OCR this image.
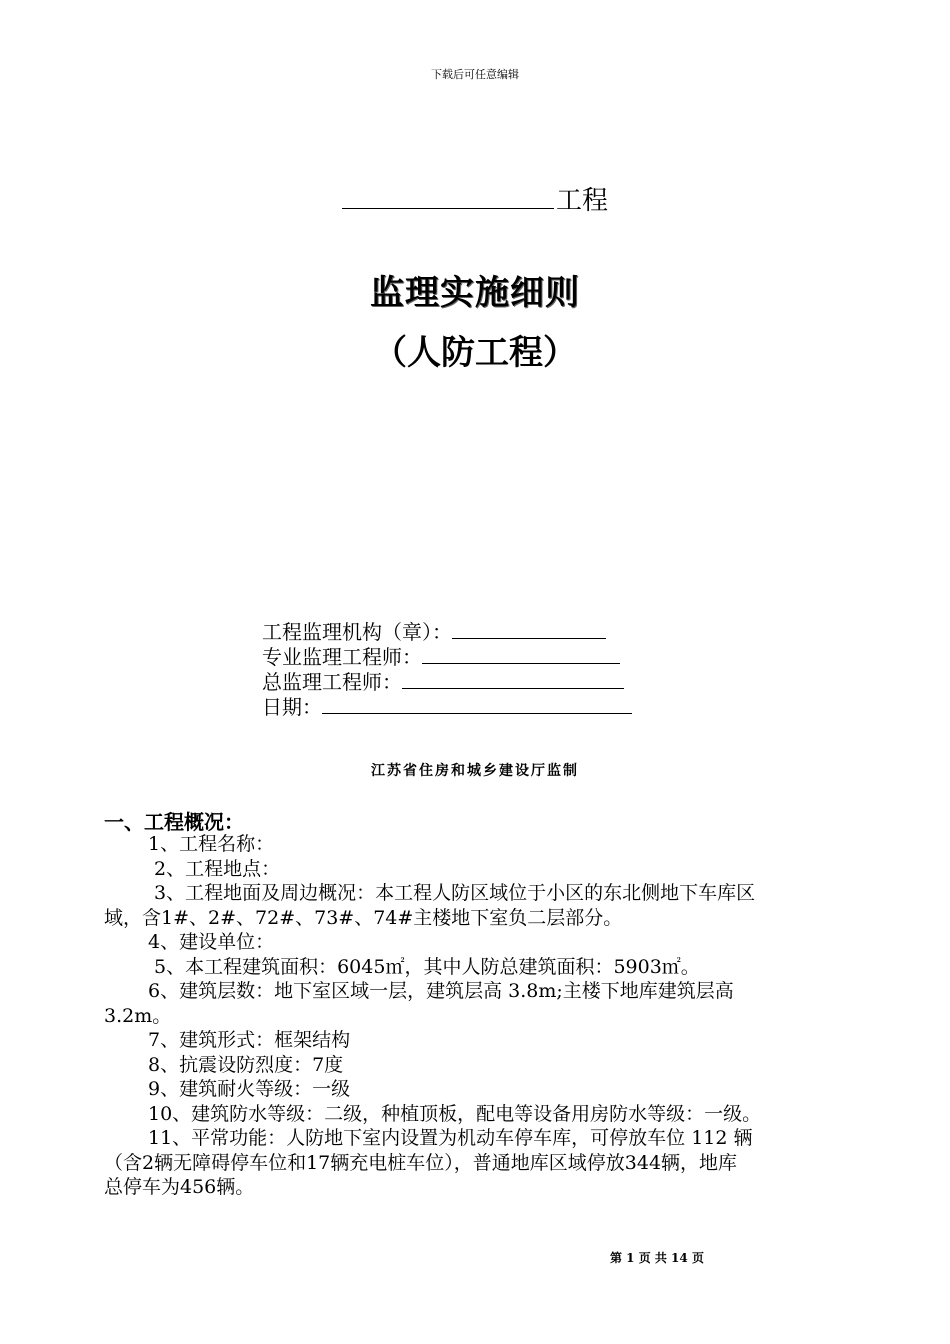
下载后可任意编辑
工程
监理实施细则
（人防工程）
工程监理机构（章）：
专业监理工程师：
总监理工程师：
日期：
江苏省住房和城乡建设厅监制
一、工程概况：

1、工程名称：

2、工程地点：

3、工程地面及周边概况：本工程人防区域位于小区的东北侧地下车库区

域，含1#、2#、72#、73#、74#主楼地下室负二层部分。

4、建设单位：

5、本工程建筑面积：6045㎡，其中人防总建筑面积：5903㎡。

6、建筑层数：地下室区域一层，建筑层高 3.8m;主楼下地库建筑层高

3.2m。

7、建筑形式：框架结构

8、抗震设防烈度：7度

9、建筑耐火等级：一级

10、建筑防水等级：二级，种植顶板，配电等设备用房防水等级：一级。

11、平常功能：人防地下室内设置为机动车停车库，可停放车位 112 辆

（含2辆无障碍停车位和17辆充电桩车位），普通地库区域停放344辆，地库

总停车为456辆。

第 1 页 共 14 页
